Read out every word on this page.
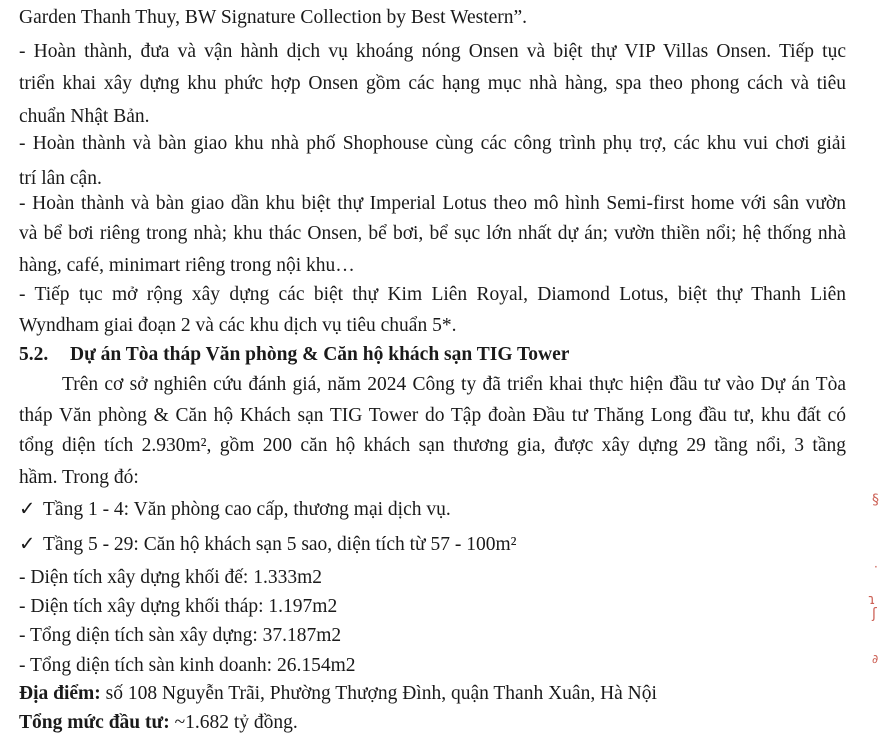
Garden Thanh Thuy, BW Signature Collection by Best Western”.
- Hoàn thành, đưa và vận hành dịch vụ khoáng nóng Onsen và biệt thự VIP Villas Onsen. Tiếp tục
triển khai xây dựng khu phức hợp Onsen gồm các hạng mục nhà hàng, spa theo phong cách và tiêu
chuẩn Nhật Bản.
- Hoàn thành và bàn giao khu nhà phố Shophouse cùng các công trình phụ trợ, các khu vui chơi giải
trí lân cận.
- Hoàn thành và bàn giao dần khu biệt thự Imperial Lotus theo mô hình Semi-first home với sân vườn
và bể bơi riêng trong nhà; khu thác Onsen, bể bơi, bể sục lớn nhất dự án; vườn thiền nổi; hệ thống nhà
hàng, café, minimart riêng trong nội khu…
- Tiếp tục mở rộng xây dựng các biệt thự Kim Liên Royal, Diamond Lotus, biệt thự Thanh Liên
Wyndham giai đoạn 2 và các khu dịch vụ tiêu chuẩn 5*.
5.2. Dự án Tòa tháp Văn phòng & Căn hộ khách sạn TIG Tower
Trên cơ sở nghiên cứu đánh giá, năm 2024 Công ty đã triển khai thực hiện đầu tư vào Dự án Tòa
tháp Văn phòng & Căn hộ Khách sạn TIG Tower do Tập đoàn Đầu tư Thăng Long đầu tư, khu đất có
tổng diện tích 2.930m², gồm 200 căn hộ khách sạn thương gia, được xây dựng 29 tầng nổi, 3 tầng
hầm. Trong đó:
✓ Tầng 1 - 4: Văn phòng cao cấp, thương mại dịch vụ.
✓ Tầng 5 - 29: Căn hộ khách sạn 5 sao, diện tích từ 57 - 100m²
- Diện tích xây dựng khối đế: 1.333m2
- Diện tích xây dựng khối tháp: 1.197m2
- Tổng diện tích sàn xây dựng: 37.187m2
- Tổng diện tích sàn kinh doanh: 26.154m2
Địa điểm: số 108 Nguyễn Trãi, Phường Thượng Đình, quận Thanh Xuân, Hà Nội
Tổng mức đầu tư: ~1.682 tỷ đồng.
§
·
ɿ
ʃ
∂
